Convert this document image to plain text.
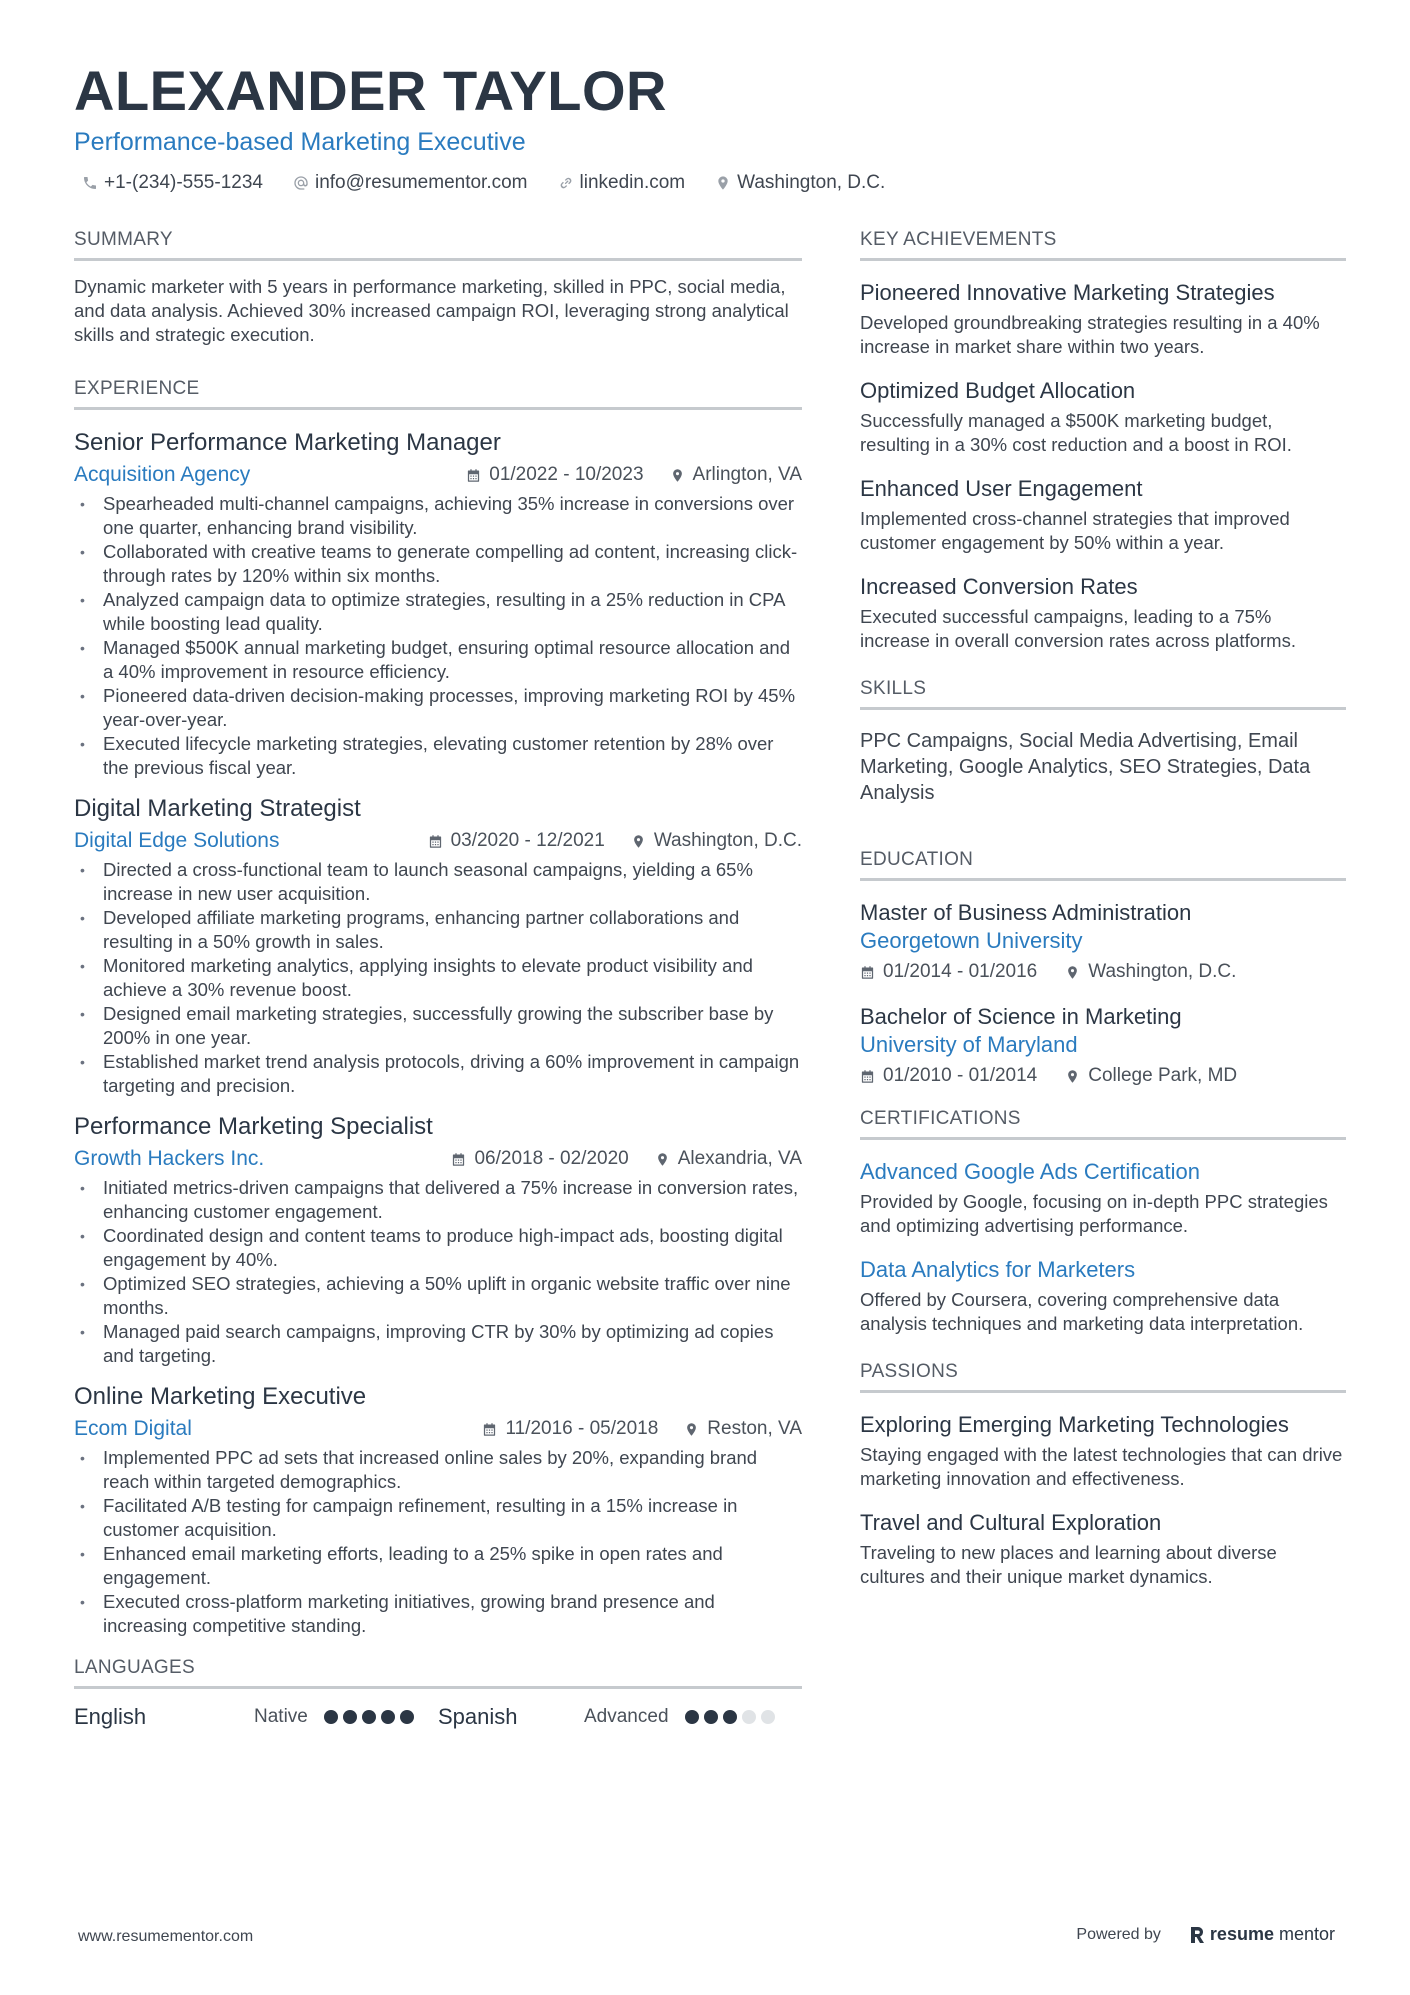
ALEXANDER TAYLOR
Performance-based Marketing Executive
+1-(234)-555-1234	info@resumementor.com	linkedin.com	Washington, D.C.
SUMMARY
Dynamic marketer with 5 years in performance marketing, skilled in PPC, social media, and data analysis. Achieved 30% increased campaign ROI, leveraging strong analytical skills and strategic execution.
EXPERIENCE
Senior Performance Marketing Manager
Acquisition Agency	01/2022 - 10/2023	Arlington, VA
• Spearheaded multi-channel campaigns, achieving 35% increase in conversions over one quarter, enhancing brand visibility.
• Collaborated with creative teams to generate compelling ad content, increasing click-through rates by 120% within six months.
• Analyzed campaign data to optimize strategies, resulting in a 25% reduction in CPA while boosting lead quality.
• Managed $500K annual marketing budget, ensuring optimal resource allocation and a 40% improvement in resource efficiency.
• Pioneered data-driven decision-making processes, improving marketing ROI by 45% year-over-year.
• Executed lifecycle marketing strategies, elevating customer retention by 28% over the previous fiscal year.
Digital Marketing Strategist
Digital Edge Solutions	03/2020 - 12/2021	Washington, D.C.
• Directed a cross-functional team to launch seasonal campaigns, yielding a 65% increase in new user acquisition.
• Developed affiliate marketing programs, enhancing partner collaborations and resulting in a 50% growth in sales.
• Monitored marketing analytics, applying insights to elevate product visibility and achieve a 30% revenue boost.
• Designed email marketing strategies, successfully growing the subscriber base by 200% in one year.
• Established market trend analysis protocols, driving a 60% improvement in campaign targeting and precision.
Performance Marketing Specialist
Growth Hackers Inc.	06/2018 - 02/2020	Alexandria, VA
• Initiated metrics-driven campaigns that delivered a 75% increase in conversion rates, enhancing customer engagement.
• Coordinated design and content teams to produce high-impact ads, boosting digital engagement by 40%.
• Optimized SEO strategies, achieving a 50% uplift in organic website traffic over nine months.
• Managed paid search campaigns, improving CTR by 30% by optimizing ad copies and targeting.
Online Marketing Executive
Ecom Digital	11/2016 - 05/2018	Reston, VA
• Implemented PPC ad sets that increased online sales by 20%, expanding brand reach within targeted demographics.
• Facilitated A/B testing for campaign refinement, resulting in a 15% increase in customer acquisition.
• Enhanced email marketing efforts, leading to a 25% spike in open rates and engagement.
• Executed cross-platform marketing initiatives, growing brand presence and increasing competitive standing.
LANGUAGES
English	Native	Spanish	Advanced
KEY ACHIEVEMENTS
Pioneered Innovative Marketing Strategies
Developed groundbreaking strategies resulting in a 40% increase in market share within two years.
Optimized Budget Allocation
Successfully managed a $500K marketing budget, resulting in a 30% cost reduction and a boost in ROI.
Enhanced User Engagement
Implemented cross-channel strategies that improved customer engagement by 50% within a year.
Increased Conversion Rates
Executed successful campaigns, leading to a 75% increase in overall conversion rates across platforms.
SKILLS
PPC Campaigns, Social Media Advertising, Email Marketing, Google Analytics, SEO Strategies, Data Analysis
EDUCATION
Master of Business Administration
Georgetown University
01/2014 - 01/2016	Washington, D.C.
Bachelor of Science in Marketing
University of Maryland
01/2010 - 01/2014	College Park, MD
CERTIFICATIONS
Advanced Google Ads Certification
Provided by Google, focusing on in-depth PPC strategies and optimizing advertising performance.
Data Analytics for Marketers
Offered by Coursera, covering comprehensive data analysis techniques and marketing data interpretation.
PASSIONS
Exploring Emerging Marketing Technologies
Staying engaged with the latest technologies that can drive marketing innovation and effectiveness.
Travel and Cultural Exploration
Traveling to new places and learning about diverse cultures and their unique market dynamics.
www.resumementor.com	Powered by	resume mentor
